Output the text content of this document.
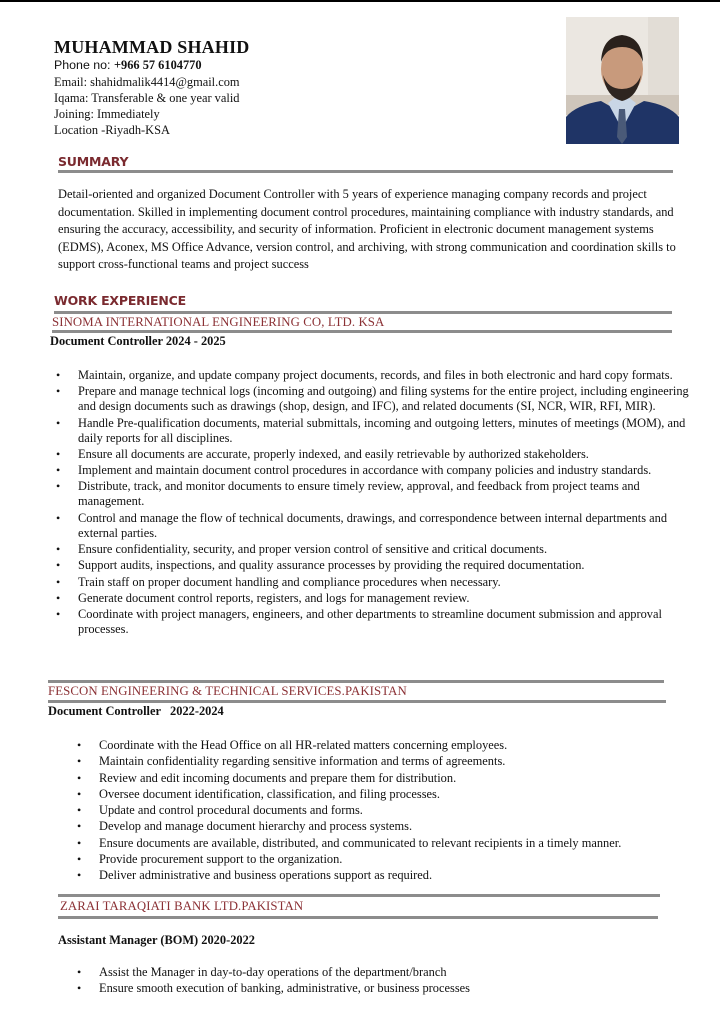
MUHAMMAD SHAHID
Phone no: +966 57 6104770
Email: shahidmalik4414@gmail.com
Iqama: Transferable & one year valid
Joining: Immediately
Location -Riyadh-KSA
SUMMARY
Detail-oriented and organized Document Controller with 5 years of experience managing company records and project documentation. Skilled in implementing document control procedures, maintaining compliance with industry standards, and ensuring the accuracy, accessibility, and security of information. Proficient in electronic document management systems (EDMS), Aconex, MS Office Advance, version control, and archiving, with strong communication and coordination skills to support cross-functional teams and project success
WORK EXPERIENCE
SINOMA INTERNATIONAL ENGINEERING CO, LTD. KSA
Document Controller 2024 - 2025
• Maintain, organize, and update company project documents, records, and files in both electronic and hard copy formats.
• Prepare and manage technical logs (incoming and outgoing) and filing systems for the entire project, including engineering and design documents such as drawings (shop, design, and IFC), and related documents (SI, NCR, WIR, RFI, MIR).
• Handle Pre-qualification documents, material submittals, incoming and outgoing letters, minutes of meetings (MOM), and daily reports for all disciplines.
• Ensure all documents are accurate, properly indexed, and easily retrievable by authorized stakeholders.
• Implement and maintain document control procedures in accordance with company policies and industry standards.
• Distribute, track, and monitor documents to ensure timely review, approval, and feedback from project teams and management.
• Control and manage the flow of technical documents, drawings, and correspondence between internal departments and external parties.
• Ensure confidentiality, security, and proper version control of sensitive and critical documents.
• Support audits, inspections, and quality assurance processes by providing the required documentation.
• Train staff on proper document handling and compliance procedures when necessary.
• Generate document control reports, registers, and logs for management review.
• Coordinate with project managers, engineers, and other departments to streamline document submission and approval processes.
FESCON ENGINEERING & TECHNICAL SERVICES.PAKISTAN
Document Controller   2022-2024
• Coordinate with the Head Office on all HR-related matters concerning employees.
• Maintain confidentiality regarding sensitive information and terms of agreements.
• Review and edit incoming documents and prepare them for distribution.
• Oversee document identification, classification, and filing processes.
• Update and control procedural documents and forms.
• Develop and manage document hierarchy and process systems.
• Ensure documents are available, distributed, and communicated to relevant recipients in a timely manner.
• Provide procurement support to the organization.
• Deliver administrative and business operations support as required.
ZARAI TARAQIATI BANK LTD.PAKISTAN
Assistant Manager (BOM) 2020-2022
• Assist the Manager in day-to-day operations of the department/branch
• Ensure smooth execution of banking, administrative, or business processes
